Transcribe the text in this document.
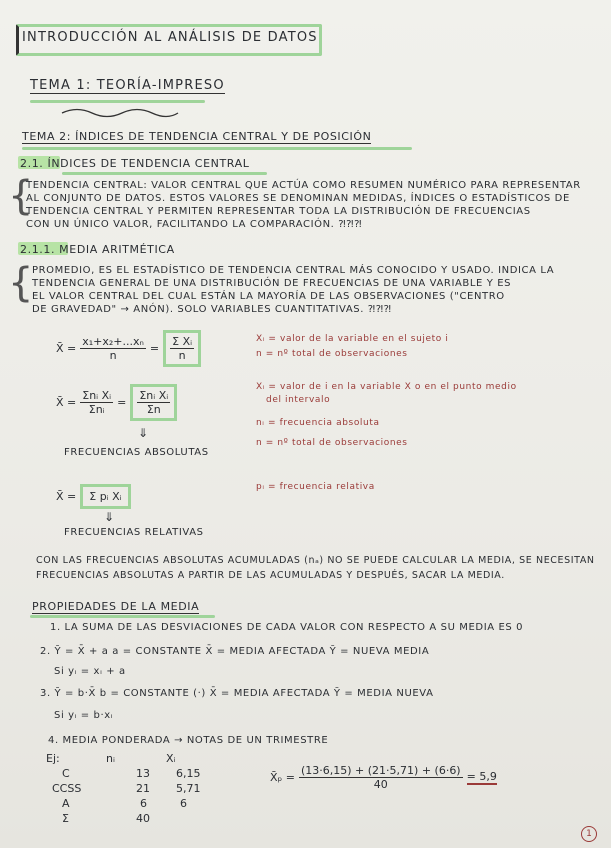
INTRODUCCIÓN AL ANÁLISIS DE DATOS
TEMA 1: TEORÍA-IMPRESO
TEMA 2: ÍNDICES DE TENDENCIA CENTRAL Y DE POSICIÓN
2.1. ÍNDICES DE TENDENCIA CENTRAL
{
TENDENCIA CENTRAL: VALOR CENTRAL QUE ACTÚA COMO RESUMEN NUMÉRICO PARA REPRESENTAR
AL CONJUNTO DE DATOS. ESTOS VALORES SE DENOMINAN MEDIDAS, ÍNDICES O ESTADÍSTICOS DE
TENDENCIA CENTRAL Y PERMITEN REPRESENTAR TODA LA DISTRIBUCIÓN DE FRECUENCIAS
CON UN ÚNICO VALOR, FACILITANDO LA COMPARACIÓN. ⁈⁈⁈
2.1.1. MEDIA ARITMÉTICA
{
PROMEDIO, ES EL ESTADÍSTICO DE TENDENCIA CENTRAL MÁS CONOCIDO Y USADO. INDICA LA
TENDENCIA GENERAL DE UNA DISTRIBUCIÓN DE FRECUENCIAS DE UNA VARIABLE Y ES
EL VALOR CENTRAL DEL CUAL ESTÁN LA MAYORÍA DE LAS OBSERVACIONES ("CENTRO
DE GRAVEDAD" → ANÓN). SOLO VARIABLES CUANTITATIVAS. ⁈⁈⁈
X̄ = $\frac{\text{x₁+x₂+...xₙ}}{n} = \frac{\text{Σ Xᵢ}}{n}$	Xᵢ = valor de la variable en el sujeto i
n = nº total de observaciones
X̄ = $\frac{\text{Σnᵢ Xᵢ}}{\text{Σnᵢ}} = \frac{\text{Σnᵢ Xᵢ}}{\Sigma n}$	Xᵢ = valor de i en la variable X o en el punto medio
del intervalo
nᵢ = frecuencia absoluta
n = nº total de observaciones
⇓
FRECUENCIAS ABSOLUTAS
X̄ =	Σ pᵢ Xᵢ
pᵢ = frecuencia relativa
⇓
FRECUENCIAS RELATIVAS
CON LAS FRECUENCIAS ABSOLUTAS ACUMULADAS (nₐ) NO SE PUEDE CALCULAR LA MEDIA, SE NECESITAN
FRECUENCIAS ABSOLUTAS A PARTIR DE LAS ACUMULADAS Y DESPUÉS, SACAR LA MEDIA.
PROPIEDADES DE LA MEDIA
1. LA SUMA DE LAS DESVIACIONES DE CADA VALOR CON RESPECTO A SU MEDIA ES 0
2. Ȳ = X̄ + a a = CONSTANTE X̄ = MEDIA AFECTADA Ȳ = NUEVA MEDIA
Si yᵢ = xᵢ + a
3. Ȳ = b·X̄ b = CONSTANTE (·) X̄ = MEDIA AFECTADA Ȳ = MEDIA NUEVA
Si yᵢ = b·xᵢ
4. MEDIA PONDERADA → NOTAS DE UN TRIMESTRE
Ej:	nᵢ	Xᵢ
C	13	6,15
CCSS	21	5,71
A	6	6
Σ	40
X̄ₚ = $\frac{(13\cdot 6,15) + (21\cdot 5,71) + (6\cdot 6)}{40} = 5,9$
1
